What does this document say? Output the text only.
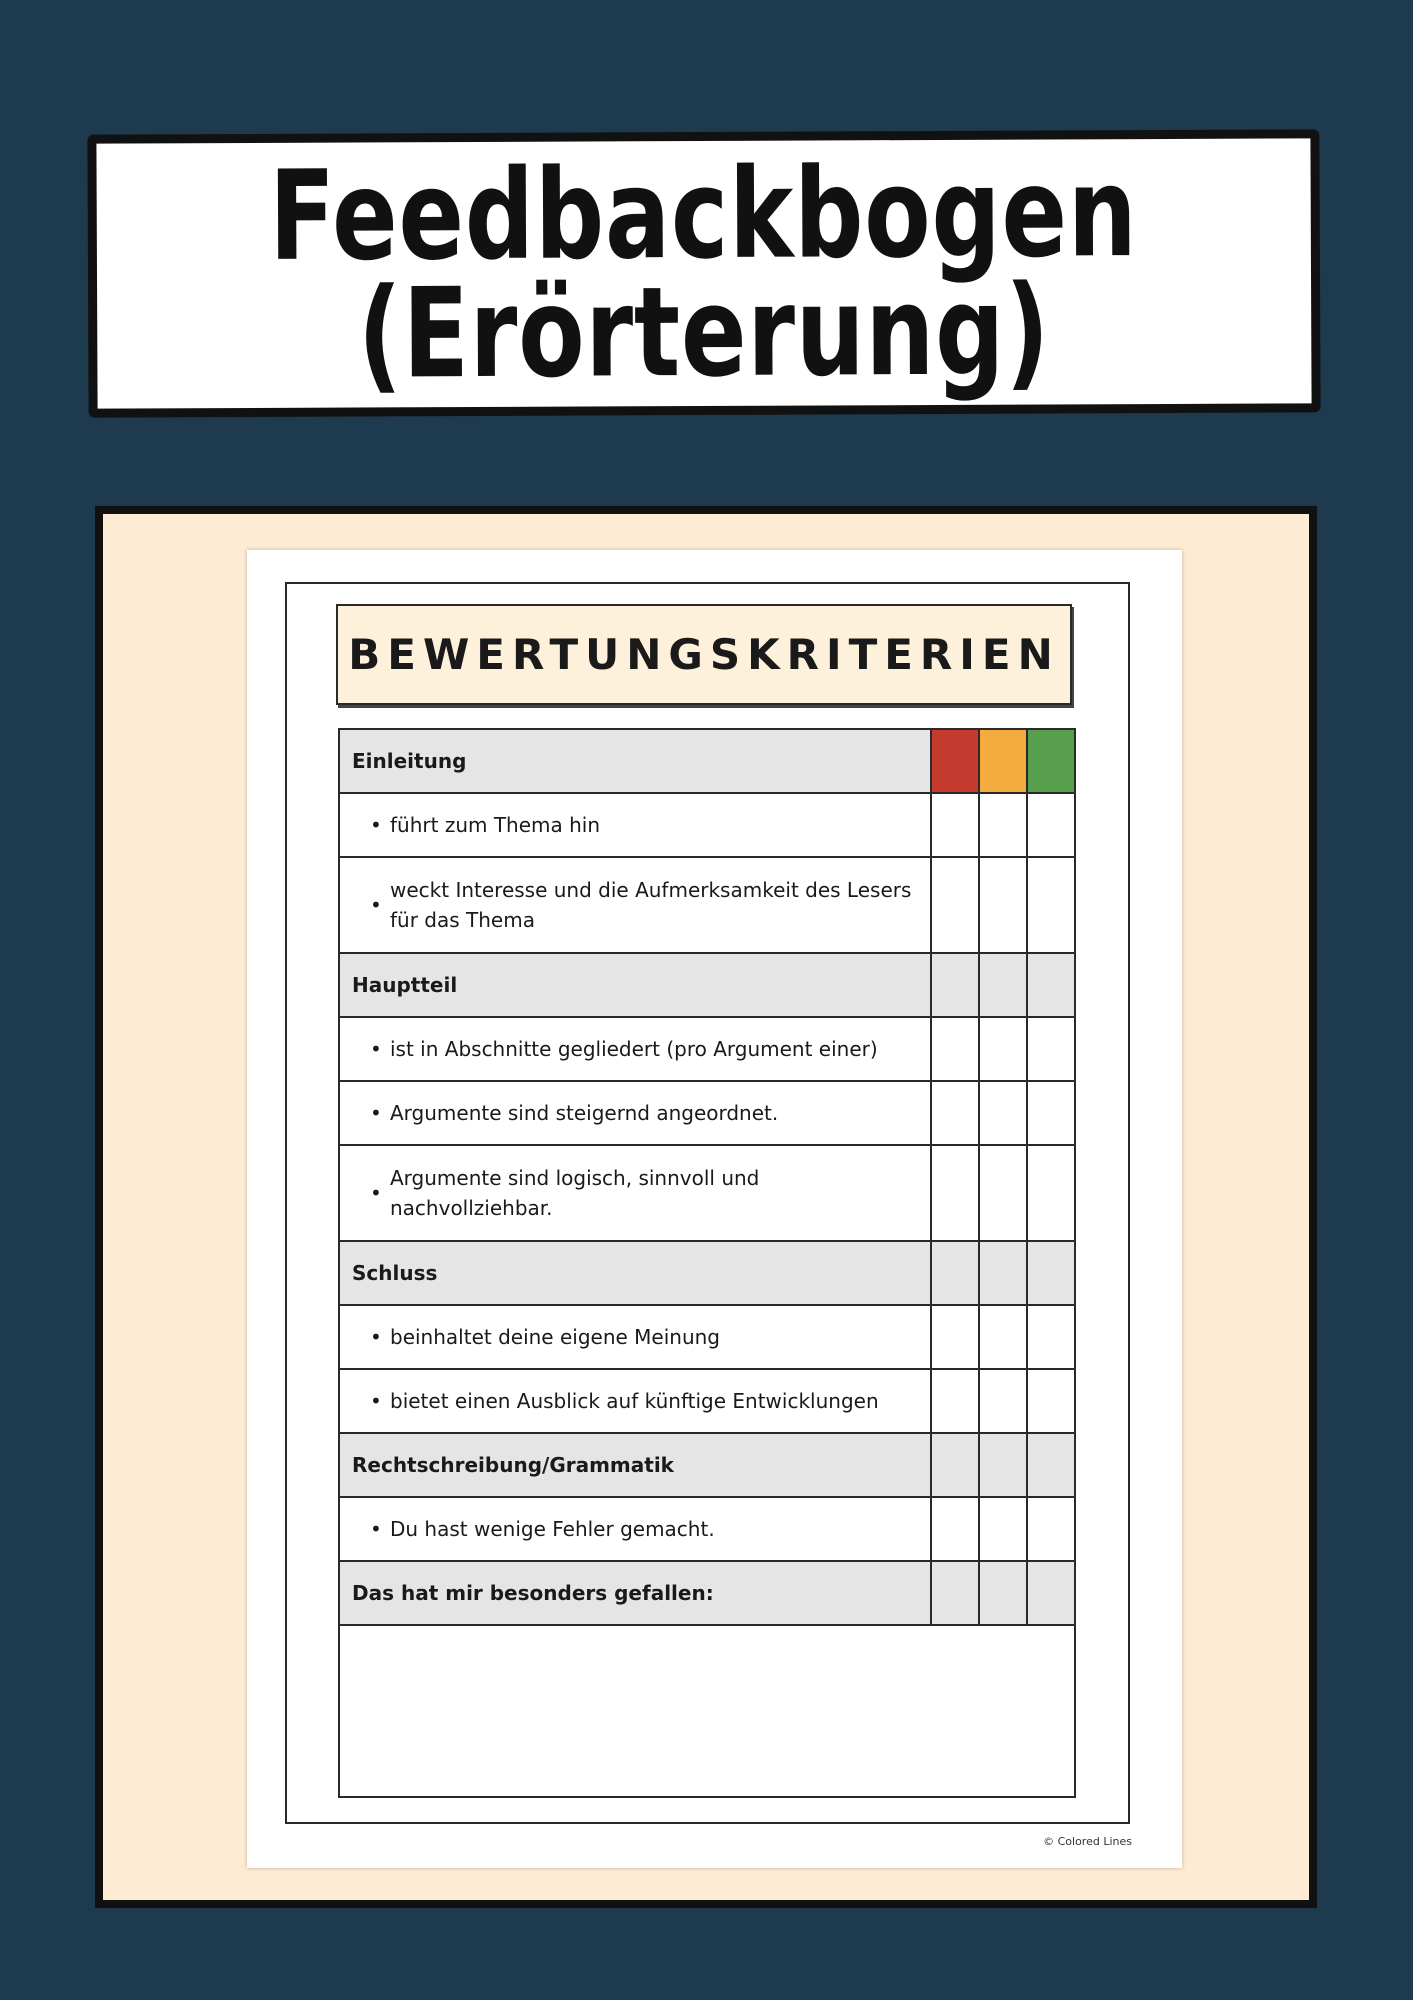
Feedbackbogen
(Erörterung)
BEWERTUNGSKRITERIEN
Einleitung			

• führt zum Thema hin			

•
weckt Interesse und die Aufmerksamkeit des Lesers für das Thema			

Hauptteil			

• ist in Abschnitte gegliedert (pro Argument einer)			

• Argumente sind steigernd angeordnet.			

•
Argumente sind logisch, sinnvoll und nachvollziehbar.			

Schluss			

• beinhaltet deine eigene Meinung			

• bietet einen Ausblick auf künftige Entwicklungen			

Rechtschreibung/Grammatik			

• Du hast wenige Fehler gemacht.			

Das hat mir besonders gefallen:			

© Colored Lines
